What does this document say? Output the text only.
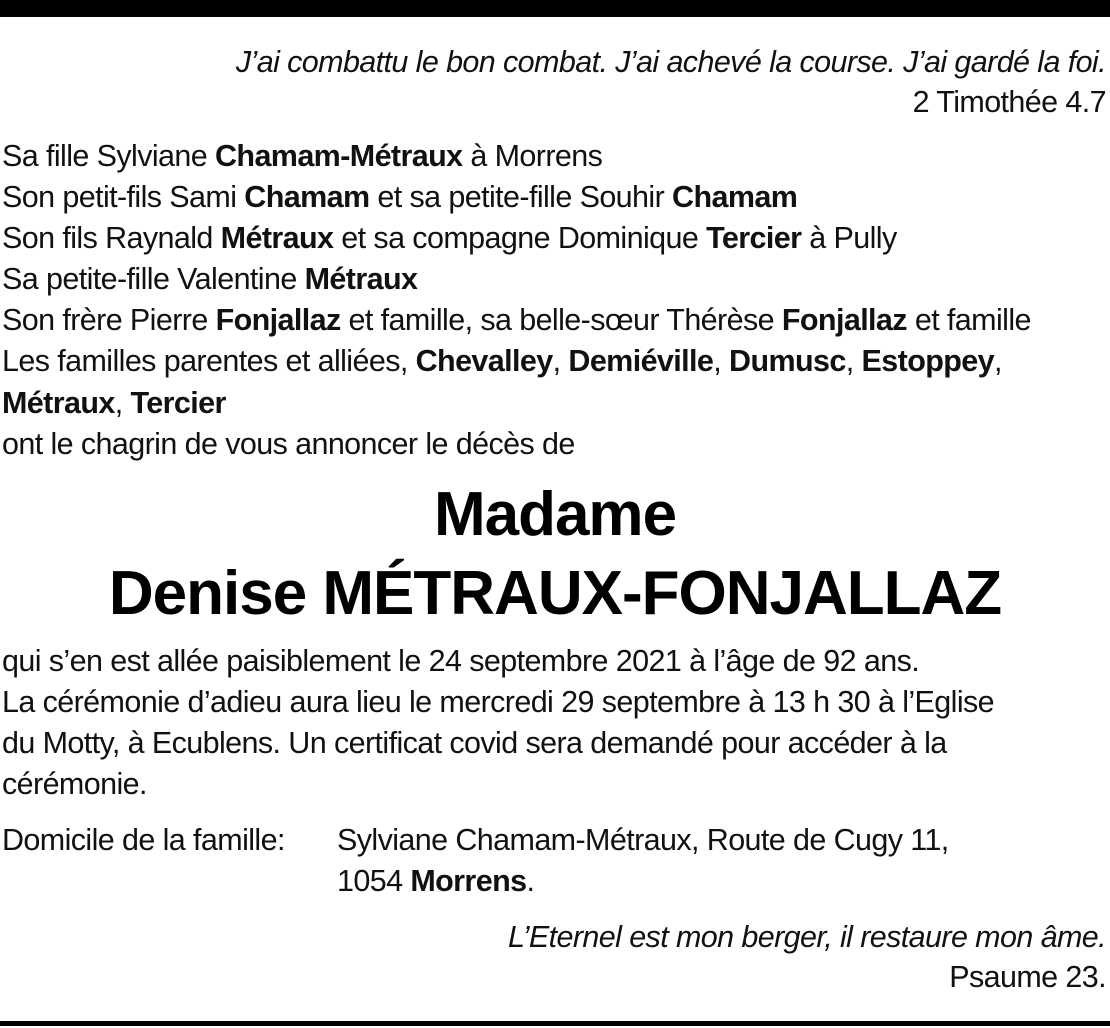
J’ai combattu le bon combat. J’ai achevé la course. J’ai gardé la foi.
2 Timothée 4.7
Sa fille Sylviane Chamam-Métraux à Morrens
Son petit-fils Sami Chamam et sa petite-fille Souhir Chamam
Son fils Raynald Métraux et sa compagne Dominique Tercier à Pully
Sa petite-fille Valentine Métraux
Son frère Pierre Fonjallaz et famille, sa belle-sœur Thérèse Fonjallaz et famille
Les familles parentes et alliées, Chevalley, Demiéville, Dumusc, Estoppey,
Métraux, Tercier
ont le chagrin de vous annoncer le décès de
Madame
Denise MÉTRAUX-FONJALLAZ
qui s’en est allée paisiblement le 24 septembre 2021 à l’âge de 92 ans.
La cérémonie d’adieu aura lieu le mercredi 29 septembre à 13 h 30 à l’Eglise
du Motty, à Ecublens. Un certificat covid sera demandé pour accéder à la
cérémonie.
Domicile de la famille: Sylviane Chamam-Métraux, Route de Cugy 11,
1054 Morrens.
L’Eternel est mon berger, il restaure mon âme.
Psaume 23.
